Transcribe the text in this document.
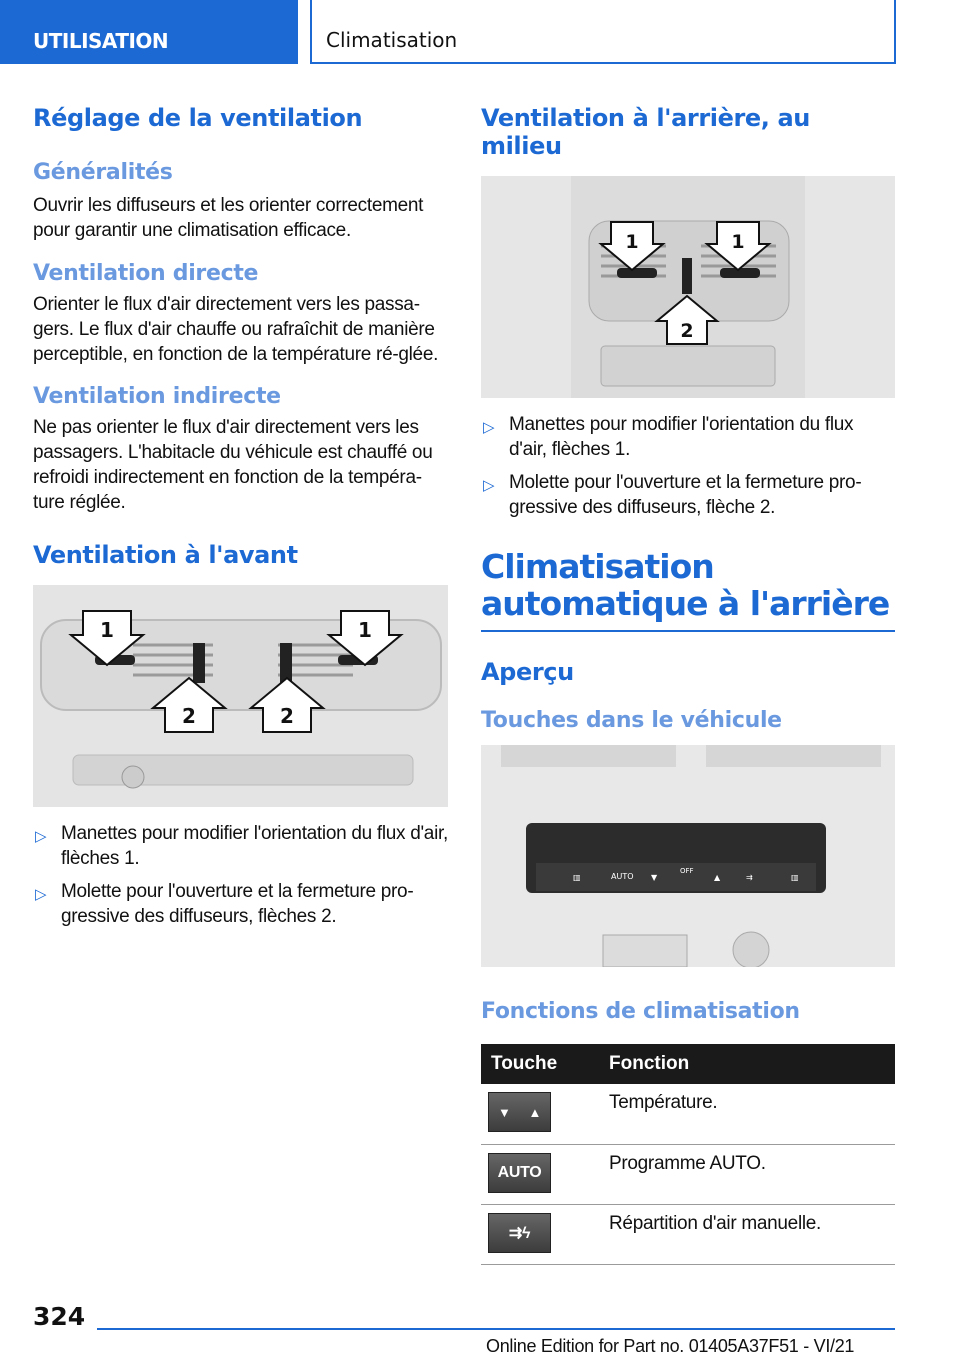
UTILISATION	Climatisation
Réglage de la ventilation
Généralités
Ouvrir les diffuseurs et les orienter correctement pour garantir une climatisation efficace.
Ventilation directe
Orienter le flux d'air directement vers les passa-gers. Le flux d'air chauffe ou rafraîchit de manière perceptible, en fonction de la température ré-glée.
Ventilation indirecte
Ne pas orienter le flux d'air directement vers les passagers. L'habitacle du véhicule est chauffé ou refroidi indirectement en fonction de la tempéra-ture réglée.
Ventilation à l'avant
1	1
2	2
▷ Manettes pour modifier l'orientation du flux d'air, flèches 1.
▷ Molette pour l'ouverture et la fermeture pro-gressive des diffuseurs, flèches 2.
Ventilation à l'arrière, au milieu
1	1
2
▷ Manettes pour modifier l'orientation du flux d'air, flèches 1.
▷ Molette pour l'ouverture et la fermeture pro-gressive des diffuseurs, flèche 2.
Climatisation automatique à l'arrière
Aperçu
Touches dans le véhicule
▥	AUTO ▼
OFF
▲	⇉	▥
Fonctions de climatisation
Touche	Fonction

▼ ▲	Température.

AUTO	Programme AUTO.

⇉ϟ	Répartition d'air manuelle.
324
Online Edition for Part no. 01405A37F51 - VI/21
